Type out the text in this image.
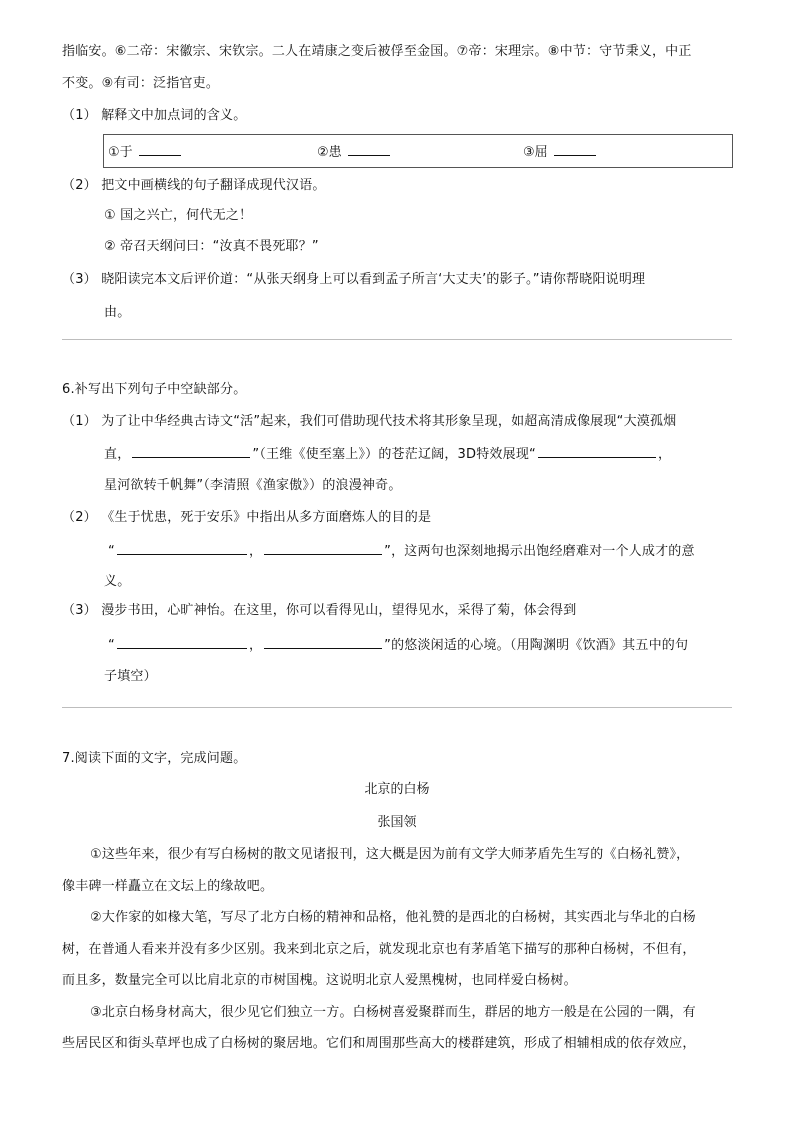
指临安。⑥二帝：宋徽宗、宋钦宗。二人在靖康之变后被俘至金国。⑦帝：宋理宗。⑧中节：守节秉义，中正
不变。⑨有司：泛指官吏。
（1） 解释文中加点词的含义。
①于	②患	③屈
（2） 把文中画横线的句子翻译成现代汉语。
① 国之兴亡，何代无之！
② 帝召天纲问曰：“汝真不畏死耶？”
（3） 晓阳读完本文后评价道：“从张天纲身上可以看到孟子所言‘大丈夫’的影子。”请你帮晓阳说明理
由。
6.补写出下列句子中空缺部分。
（1） 为了让中华经典古诗文“活”起来，我们可借助现代技术将其形象呈现，如超高清成像展现“大漠孤烟
直，	”（王维《使至塞上》）的苍茫辽阔，3D特效展现“	，
星河欲转千帆舞”（李清照《渔家傲》）的浪漫神奇。
（2） 《生于忧患，死于安乐》中指出从多方面磨炼人的目的是
“	，	”，这两句也深刻地揭示出饱经磨难对一个人成才的意
义。
（3） 漫步书田，心旷神怡。在这里，你可以看得见山，望得见水，采得了菊，体会得到
“	，	”的悠淡闲适的心境。（用陶渊明《饮酒》其五中的句
子填空）
7.阅读下面的文字，完成问题。
北京的白杨
张国领
①这些年来，很少有写白杨树的散文见诸报刊，这大概是因为前有文学大师茅盾先生写的《白杨礼赞》，
像丰碑一样矗立在文坛上的缘故吧。
②大作家的如椽大笔，写尽了北方白杨的精神和品格，他礼赞的是西北的白杨树，其实西北与华北的白杨
树，在普通人看来并没有多少区别。我来到北京之后，就发现北京也有茅盾笔下描写的那种白杨树，不但有，
而且多，数量完全可以比肩北京的市树国槐。这说明北京人爱黑槐树，也同样爱白杨树。
③北京白杨身材高大，很少见它们独立一方。白杨树喜爱聚群而生，群居的地方一般是在公园的一隅，有
些居民区和街头草坪也成了白杨树的聚居地。它们和周围那些高大的楼群建筑，形成了相辅相成的依存效应，
